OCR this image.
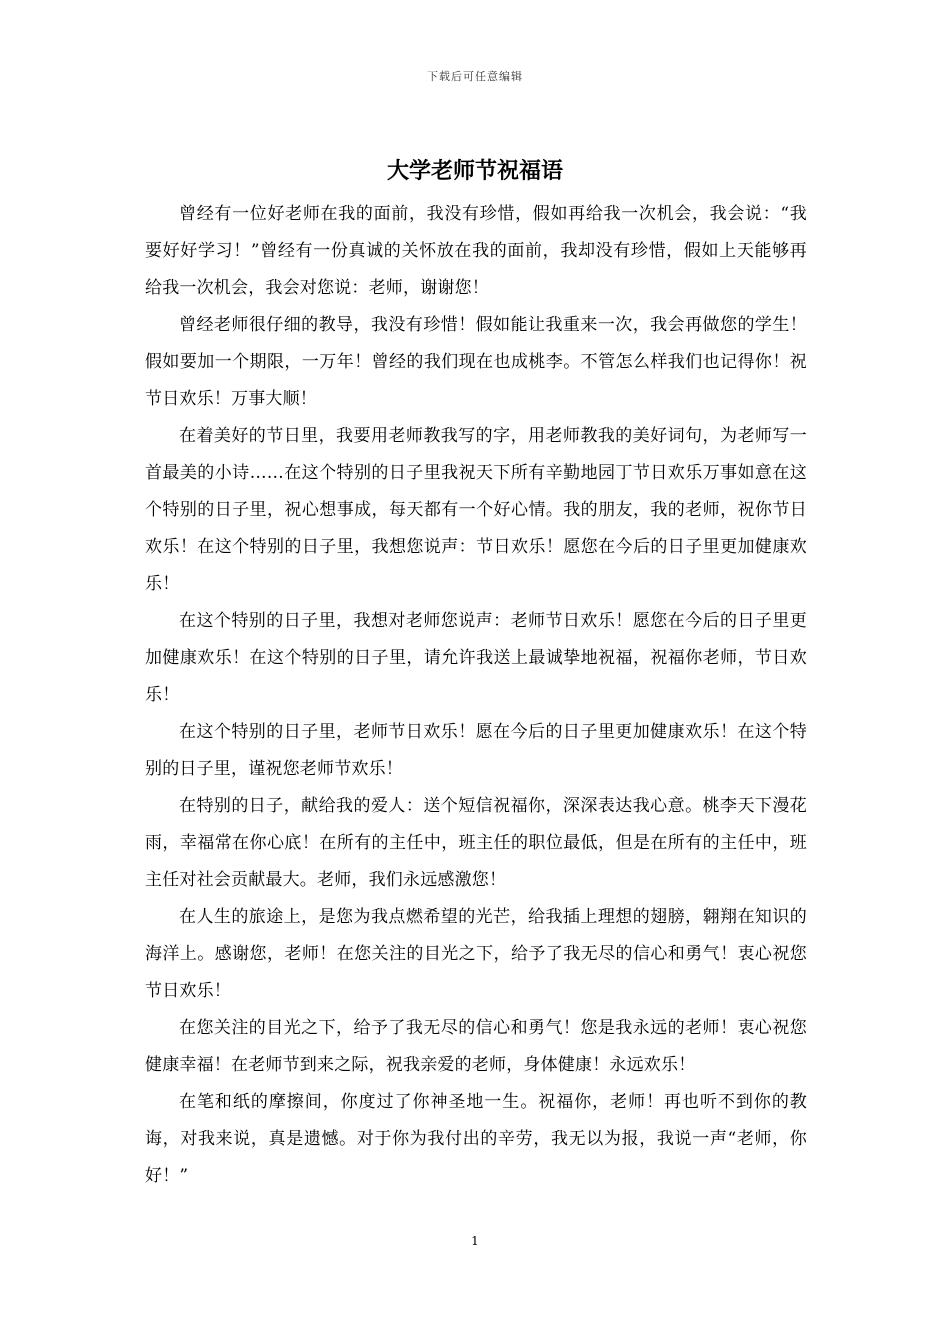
下载后可任意编辑
大学老师节祝福语

曾经有一位好老师在我的面前，我没有珍惜，假如再给我一次机会，我会说：“我要好好学习！”曾经有一份真诚的关怀放在我的面前，我却没有珍惜，假如上天能够再给我一次机会，我会对您说：老师，谢谢您！

曾经老师很仔细的教导，我没有珍惜！假如能让我重来一次，我会再做您的学生！假如要加一个期限，一万年！曾经的我们现在也成桃李。不管怎么样我们也记得你！祝节日欢乐！万事大顺！

在着美好的节日里，我要用老师教我写的字，用老师教我的美好词句，为老师写一首最美的小诗……在这个特别的日子里我祝天下所有辛勤地园丁节日欢乐万事如意在这个特别的日子里，祝心想事成，每天都有一个好心情。我的朋友，我的老师，祝你节日欢乐！在这个特别的日子里，我想您说声：节日欢乐！愿您在今后的日子里更加健康欢乐！

在这个特别的日子里，我想对老师您说声：老师节日欢乐！愿您在今后的日子里更加健康欢乐！在这个特别的日子里，请允许我送上最诚挚地祝福，祝福你老师，节日欢乐！

在这个特别的日子里，老师节日欢乐！愿在今后的日子里更加健康欢乐！在这个特别的日子里，谨祝您老师节欢乐！

在特别的日子，献给我的爱人：送个短信祝福你，深深表达我心意。桃李天下漫花雨，幸福常在你心底！在所有的主任中，班主任的职位最低，但是在所有的主任中，班主任对社会贡献最大。老师，我们永远感激您！

在人生的旅途上，是您为我点燃希望的光芒，给我插上理想的翅膀，翱翔在知识的海洋上。感谢您，老师！在您关注的目光之下，给予了我无尽的信心和勇气！衷心祝您节日欢乐！

在您关注的目光之下，给予了我无尽的信心和勇气！您是我永远的老师！衷心祝您健康幸福！在老师节到来之际，祝我亲爱的老师，身体健康！永远欢乐！

在笔和纸的摩擦间，你度过了你神圣地一生。祝福你，老师！再也听不到你的教诲，对我来说，真是遗憾。对于你为我付出的辛劳，我无以为报，我说一声“老师，你好！”

1
